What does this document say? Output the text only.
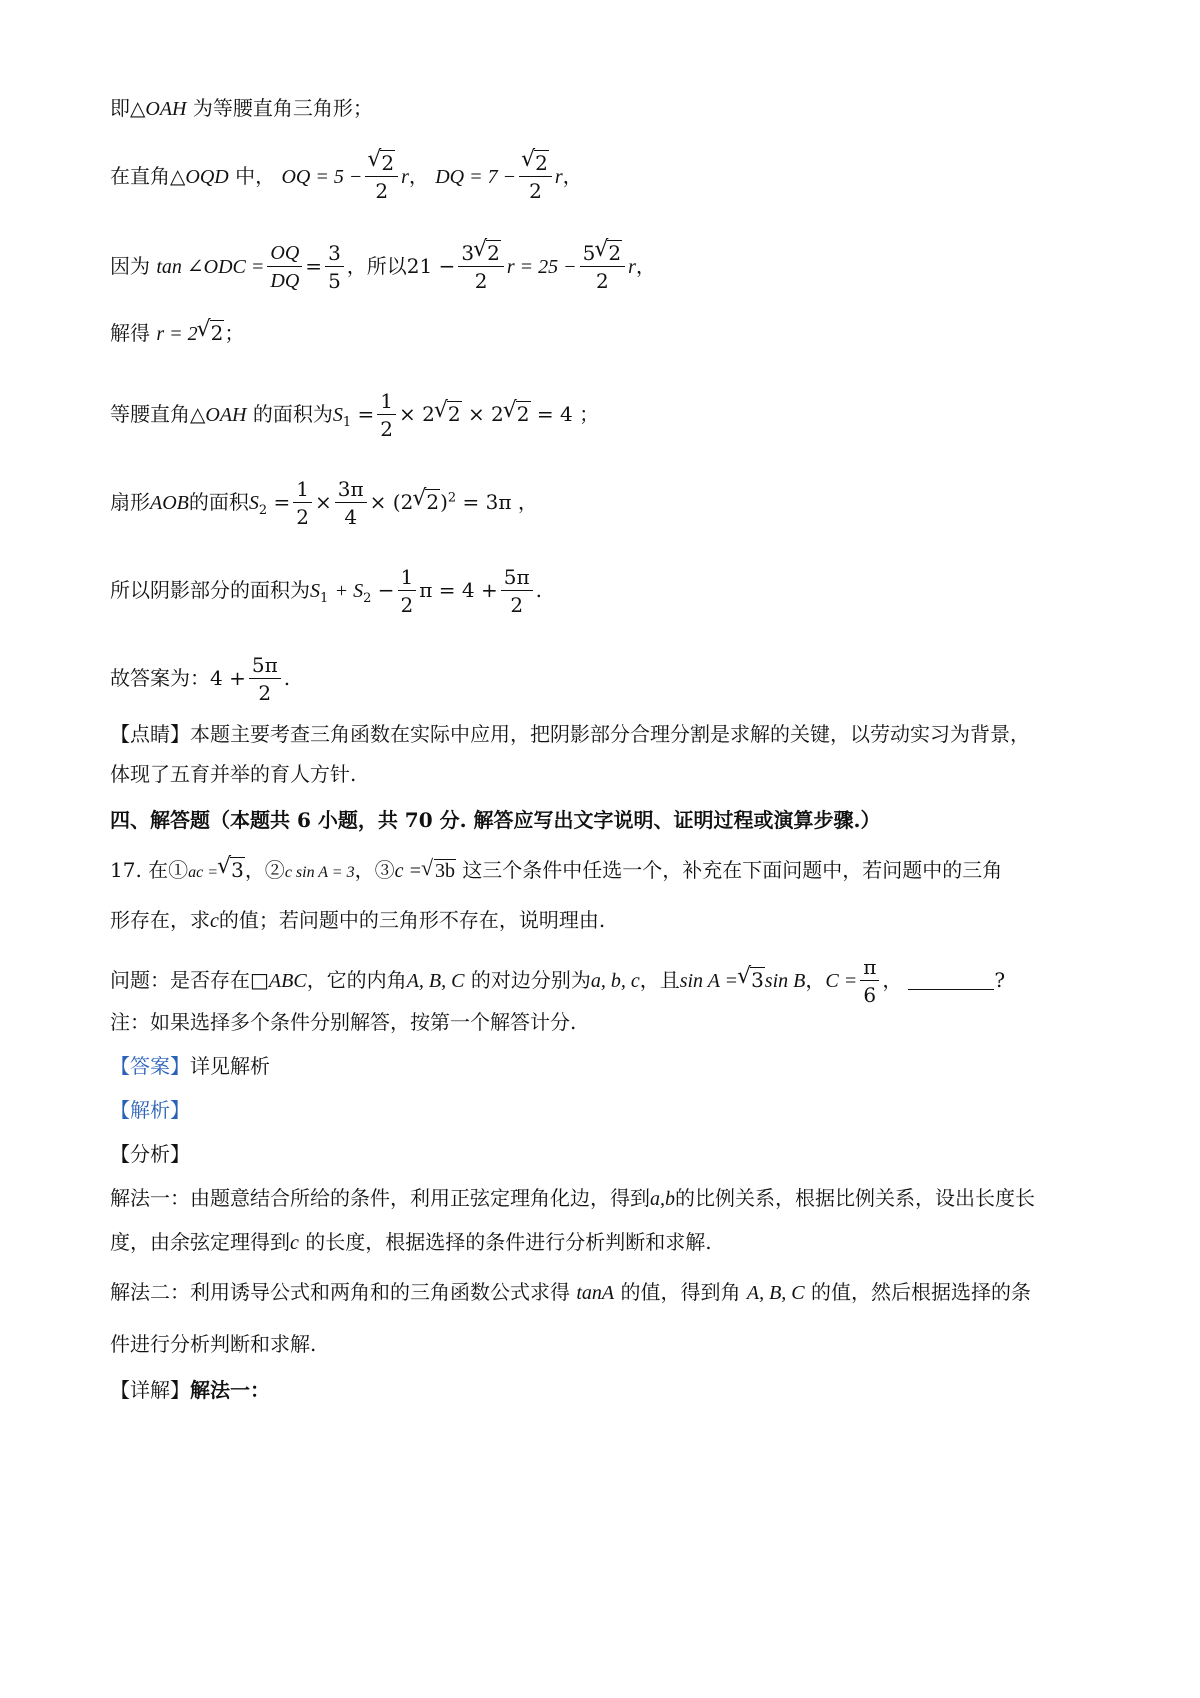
即△OAH 为等腰直角三角形；
在直角△OQD 中， OQ = 5 −
√ $\frac{2}{2}$ r， DQ = 7 −
√ $\frac{2}{2}$ r，
因为 tan ∠ODC = $\frac{OQ}{DQ} = \frac{3}{5}$ ，所以$21 - \frac{3√ 2}{2}$ $r = 25 - \frac{5√ 2}{2}$ r，
解得 r = 2√ 2；
等腰直角△OAH 的面积为$S_1 = \frac{1}{2} \times 2√$ 2 × 2√ 2 = 4 ；
扇形AOB的面积$S_2 = \frac{1}{2} \times \frac{3\pi}{4} \times (2√$ 2)$^2$ = 3π ，
所以阴影部分的面积为$S_1 + S_2 - \frac{1}{2}$ $\pi = 4 + \frac{5\pi}{2}$ .
故答案为：$4 + \frac{5\pi}{2}$ .
【点睛】本题主要考查三角函数在实际中应用，把阴影部分合理分割是求解的关键，以劳动实习为背景，
体现了五育并举的育人方针.
四、解答题（本题共 6 小题，共 70 分. 解答应写出文字说明、证明过程或演算步骤.）
17. 在①ac =√ 3，②c sin A = 3，③c =√ 3b 这三个条件中任选一个，补充在下面问题中，若问题中的三角
形存在，求c的值；若问题中的三角形不存在，说明理由.
问题：是否存在□ABC，它的内角A, B, C 的对边分别为a, b, c，且sin A =√ 3sin B，$C = \frac{\pi}{6}$ ，	?
注：如果选择多个条件分别解答，按第一个解答计分.
【答案】详见解析
【解析】
【分析】
解法一：由题意结合所给的条件，利用正弦定理角化边，得到a,b的比例关系，根据比例关系，设出长度长
度，由余弦定理得到c 的长度，根据选择的条件进行分析判断和求解.
解法二：利用诱导公式和两角和的三角函数公式求得 tanA 的值，得到角 A, B, C 的值，然后根据选择的条
件进行分析判断和求解.
【详解】解法一：
